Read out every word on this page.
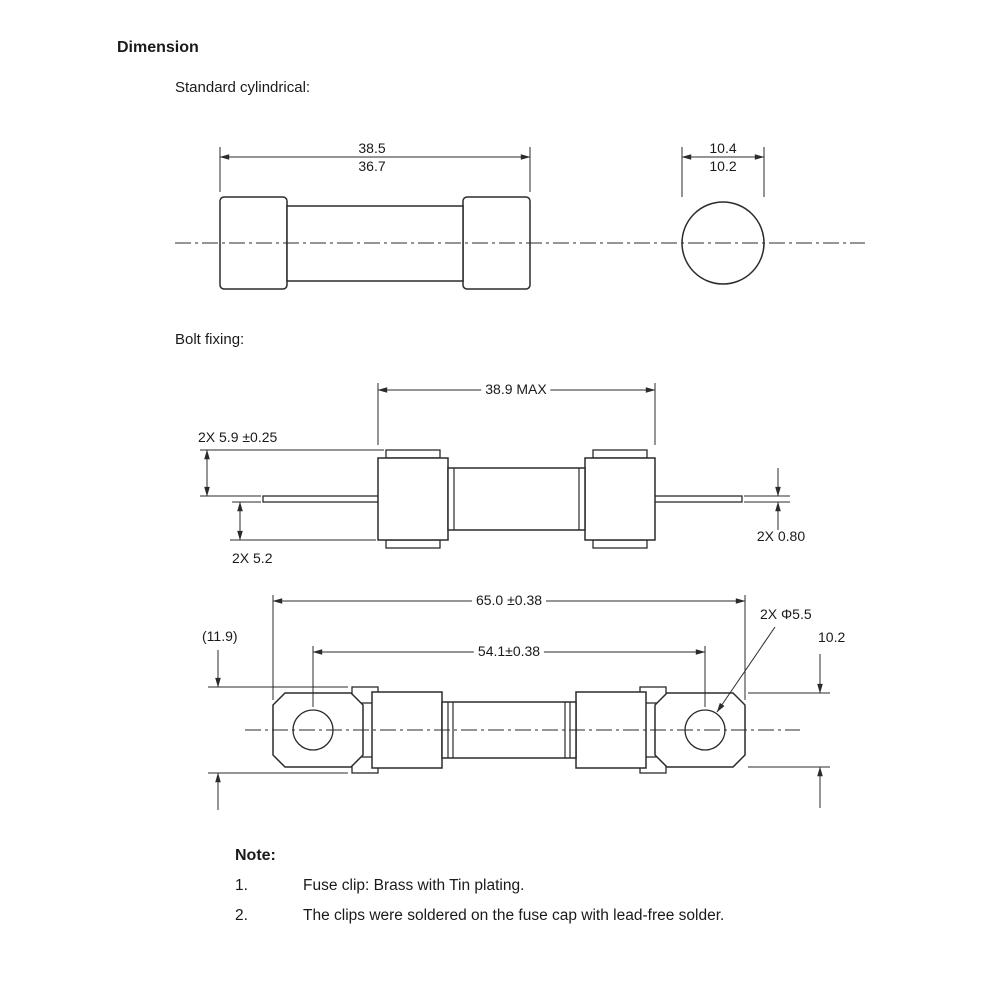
Dimension
Standard cylindrical:
Bolt fixing:
38.5
36.7
10.4
10.2
38.9 MAX
2X 5.9 ±0.25
2X 5.2
2X 0.80
65.0 ±0.38
54.1±0.38
(11.9)
2X Φ5.5
10.2
Note:
1.	Fuse clip: Brass with Tin plating.
2.	The clips were soldered on the fuse cap with lead-free solder.
